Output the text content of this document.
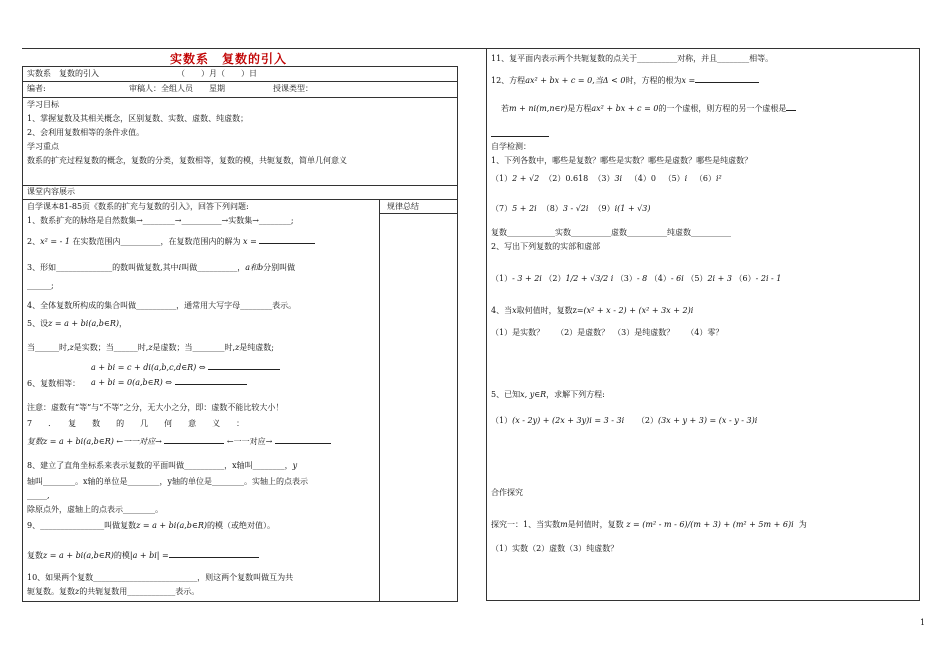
实数系　复数的引入
实数系　复数的引入	（　　）月（　　）日
编者:	审稿人：全组人员 星期	授课类型：
学习目标
1、掌握复数及其相关概念，区别复数、实数、虚数、纯虚数；
2、会利用复数相等的条件求值。
学习重点
数系的扩充过程复数的概念，复数的分类，复数相等，复数的模，共轭复数，简单几何意义
课堂内容展示
规律总结
自学课本81-85页《数系的扩充与复数的引入》，回答下列问题:
1、数系扩充的脉络是自然数集→________→__________→实数集→________;
2、x² = - 1 在实数范围内__________，在复数范围内的解为 x =
3、形如______________的数叫做复数,其中i叫做__________，a和b分别叫做
______;
4、全体复数所构成的集合叫做__________，通常用大写字母________表示。
5、设z = a + bi(a,b∈R)，
当______时,z是实数；当______时,z是虚数；当________时,z是纯虚数;
a + bi = c + di(a,b,c,d∈R) ⇔
6、复数相等： a + bi = 0(a,b∈R) ⇔
注意：虚数有“等”与“不等”之分，无大小之分，即：虚数不能比较大小！
7　　．　　复　　数　　的　　几　　何　　意　　义　　：
复数z = a + bi(a,b∈R) ←一一对应→	←一一对应→
8、建立了直角坐标系来表示复数的平面叫做__________，x轴叫________，y
轴叫________。x轴的单位是________，y轴的单位是________。实轴上的点表示
_____,
除原点外，虚轴上的点表示________。
9、________________叫做复数z = a + bi(a,b∈R)的模（或绝对值）。
复数z = a + bi(a,b∈R)的模|a + bi| =
10、如果两个复数__________________________，则这两个复数叫做互为共
轭复数。复数z的共轭复数用____________表示。
11、复平面内表示两个共轭复数的点关于__________对称，并且________相等。
12、方程ax² + bx + c = 0,当Δ < 0时，方程的根为x =
若m + ni(m,n∈r)是方程ax² + bx + c = 0的一个虚根，则方程的另一个虚根是
自学检测：
1、下列各数中，哪些是复数？哪些是实数？哪些是虚数？哪些是纯虚数？
（1）2 + √2 （2）0.618 （3）3i （4）0 （5）i （6）i²
（7）5 + 2i （8）3 - √2i （9）i(1 + √3)
复数____________实数__________虚数__________纯虚数__________
2、写出下列复数的实部和虚部
（1）- 3 + 2i （2）1/2 + √3/2 i （3）- 8 （4）- 6i （5）2i + 3 （6）- 2i - 1
4、当x取何值时，复数z=(x² + x - 2) + (x² + 3x + 2)i
（1）是实数？　　（2）是虚数？　（3）是纯虚数？　　（4）零？
5、已知x, y∈R，求解下列方程:
（1）(x - 2y) + (2x + 3y)i = 3 - 3i （2）(3x + y + 3) = (x - y - 3)i
合作探究
探究一：1、当实数m是何值时，复数 z = (m² - m - 6)/(m + 3) + (m² + 5m + 6)i 为
（1）实数（2）虚数（3）纯虚数？
1
